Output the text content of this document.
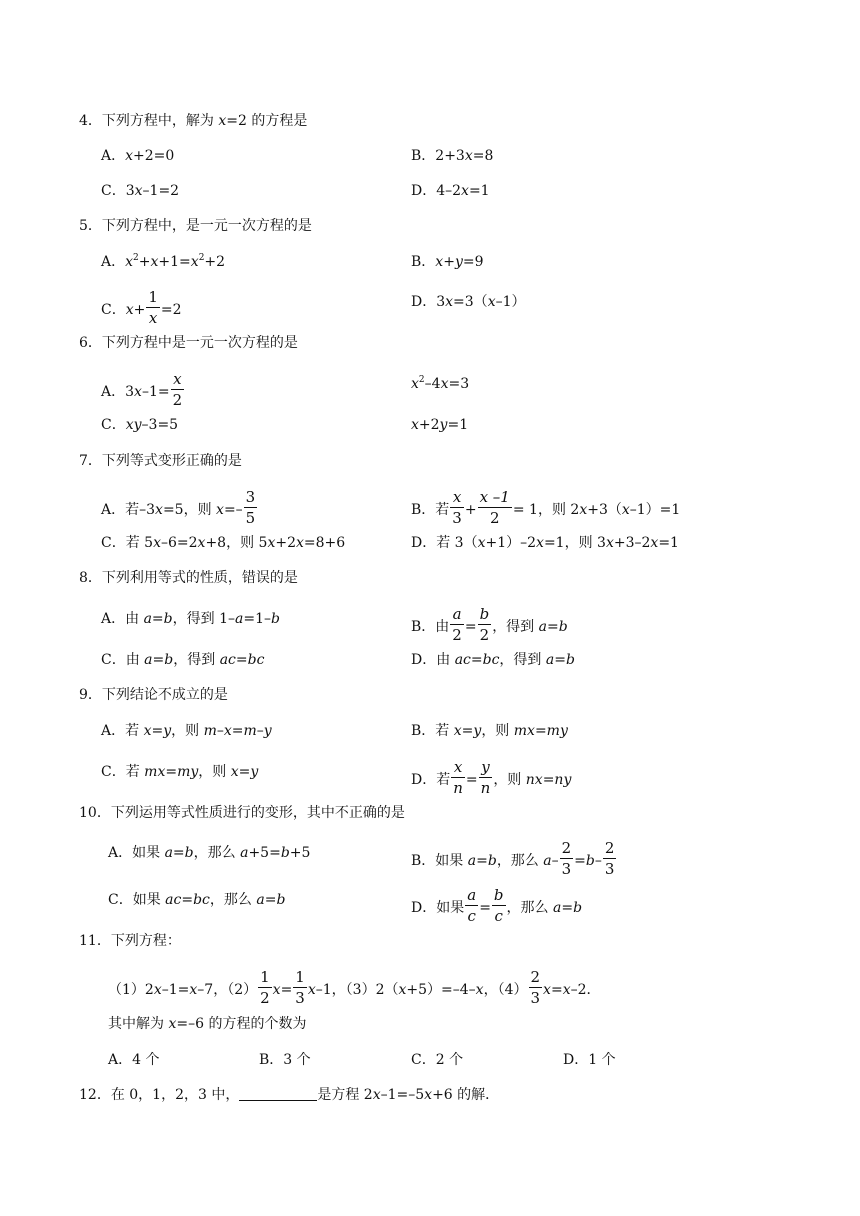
4．下列方程中，解为 x=2 的方程是
A．x+2=0	B．2+3x=8
C．3x–1=2	D．4–2x=1
5．下列方程中，是一元一次方程的是
A．$x^2+x+1=x^2+2$	B．x+y=9
C．$x+ \frac{1}{x} =2$	D．3x=3（x–1）
6．下列方程中是一元一次方程的是
A．$3x-1= \frac{x}{2}$	$x^2-4x=3$
C．xy–3=5	x+2y=1
7．下列等式变形正确的是
A．若–3x=5，则 $x=- \frac{3}{5}$	B．若 $\frac{x}{3} + \frac{x -1}{2} = 1$，则 2x+3（x–1）=1
C．若 5x–6=2x+8，则 5x+2x=8+6	D．若 3（x+1）–2x=1，则 3x+3–2x=1
8．下列利用等式的性质，错误的是
A．由 a=b，得到 1–a=1–b	B．由 $\frac{a}{2} = \frac{b}{2}$ ，得到 a=b
C．由 a=b，得到 ac=bc	D．由 ac=bc，得到 a=b
9．下列结论不成立的是
A．若 x=y，则 m–x=m–y	B．若 x=y，则 mx=my
C．若 mx=my，则 x=y	D．若 $\frac{x}{n} = \frac{y}{n}$ ，则 nx=ny
10．下列运用等式性质进行的变形，其中不正确的是
A．如果 a=b，那么 a+5=b+5	B．如果 a=b，那么 $a- \frac{2}{3} =b- \frac{2}{3}$
C．如果 ac=bc，那么 a=b	D．如果 $\frac{a}{c} = \frac{b}{c}$ ，那么 a=b
11．下列方程：
（1）2x–1=x–7，$(2) \frac{1}{2} x= \frac{1}{3} x-1$，（3）2（x+5）=–4–x，$(4) \frac{2}{3} x=x-2$．
其中解为 x=–6 的方程的个数为
A．4 个	B．3 个	C．2 个	D．1 个
12．在 0，1，2，3 中，	是方程 2x–1=–5x+6 的解．
